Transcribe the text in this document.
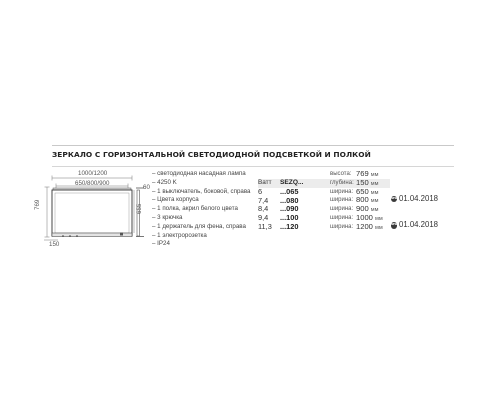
ЗЕРКАЛО С ГОРИЗОНТАЛЬНОЙ СВЕТОДИОДНОЙ ПОДСВЕТКОЙ И ПОЛКОЙ
1000/1200
650/800/900
769	655
60
150
– светодиодная насадная лампа
– 4250 K
– 1 выключатель, боковой, справа
– Цвета корпуса
– 1 полка, акрил белого цвета
– 3 крючка
– 1 держатель для фена, справа
– 1 электророзетка
– IP24
Ватт SEZQ...
6 ...065
7,4 ...080
8,4 ...090
9,4 ...100
11,3 ...120
высота: 769 мм
глубина: 150 мм
ширина: 650 мм
ширина: 800 мм
ширина: 900 мм
ширина: 1000 мм
ширина: 1200 мм
NEW 01.04.2018
NEW 01.04.2018
